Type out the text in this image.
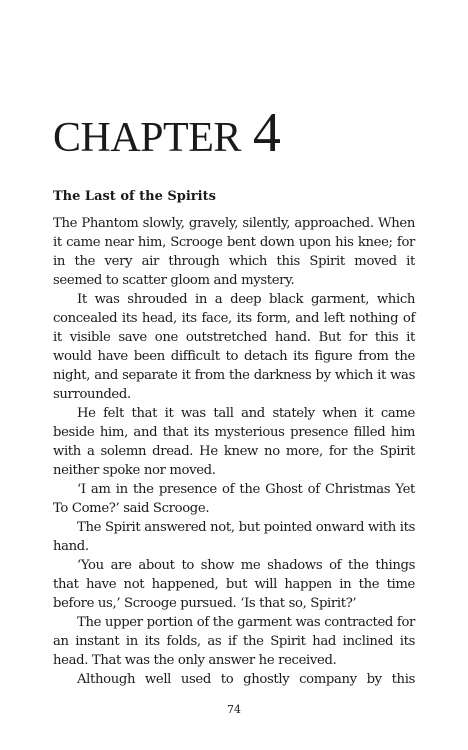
CHAPTER 4
The Last of the Spirits

The Phantom slowly, gravely, silently, approached. When it came near him, Scrooge bent down upon his knee; for in the very air through which this Spirit moved it seemed to scatter gloom and mystery.

It was shrouded in a deep black garment, which concealed its head, its face, its form, and left nothing of it visible save one outstretched hand. But for this it would have been difficult to detach its figure from the night, and separate it from the darkness by which it was surrounded.

He felt that it was tall and stately when it came beside him, and that its mysterious presence filled him with a solemn dread. He knew no more, for the Spirit neither spoke nor moved.

‘I am in the presence of the Ghost of Christmas Yet To Come?’ said Scrooge.

The Spirit answered not, but pointed onward with its hand.

‘You are about to show me shadows of the things that have not happened, but will happen in the time before us,’ Scrooge pursued. ‘Is that so, Spirit?’

The upper portion of the garment was contracted for an instant in its folds, as if the Spirit had inclined its head. That was the only answer he received.

Although well used to ghostly company by this

74
